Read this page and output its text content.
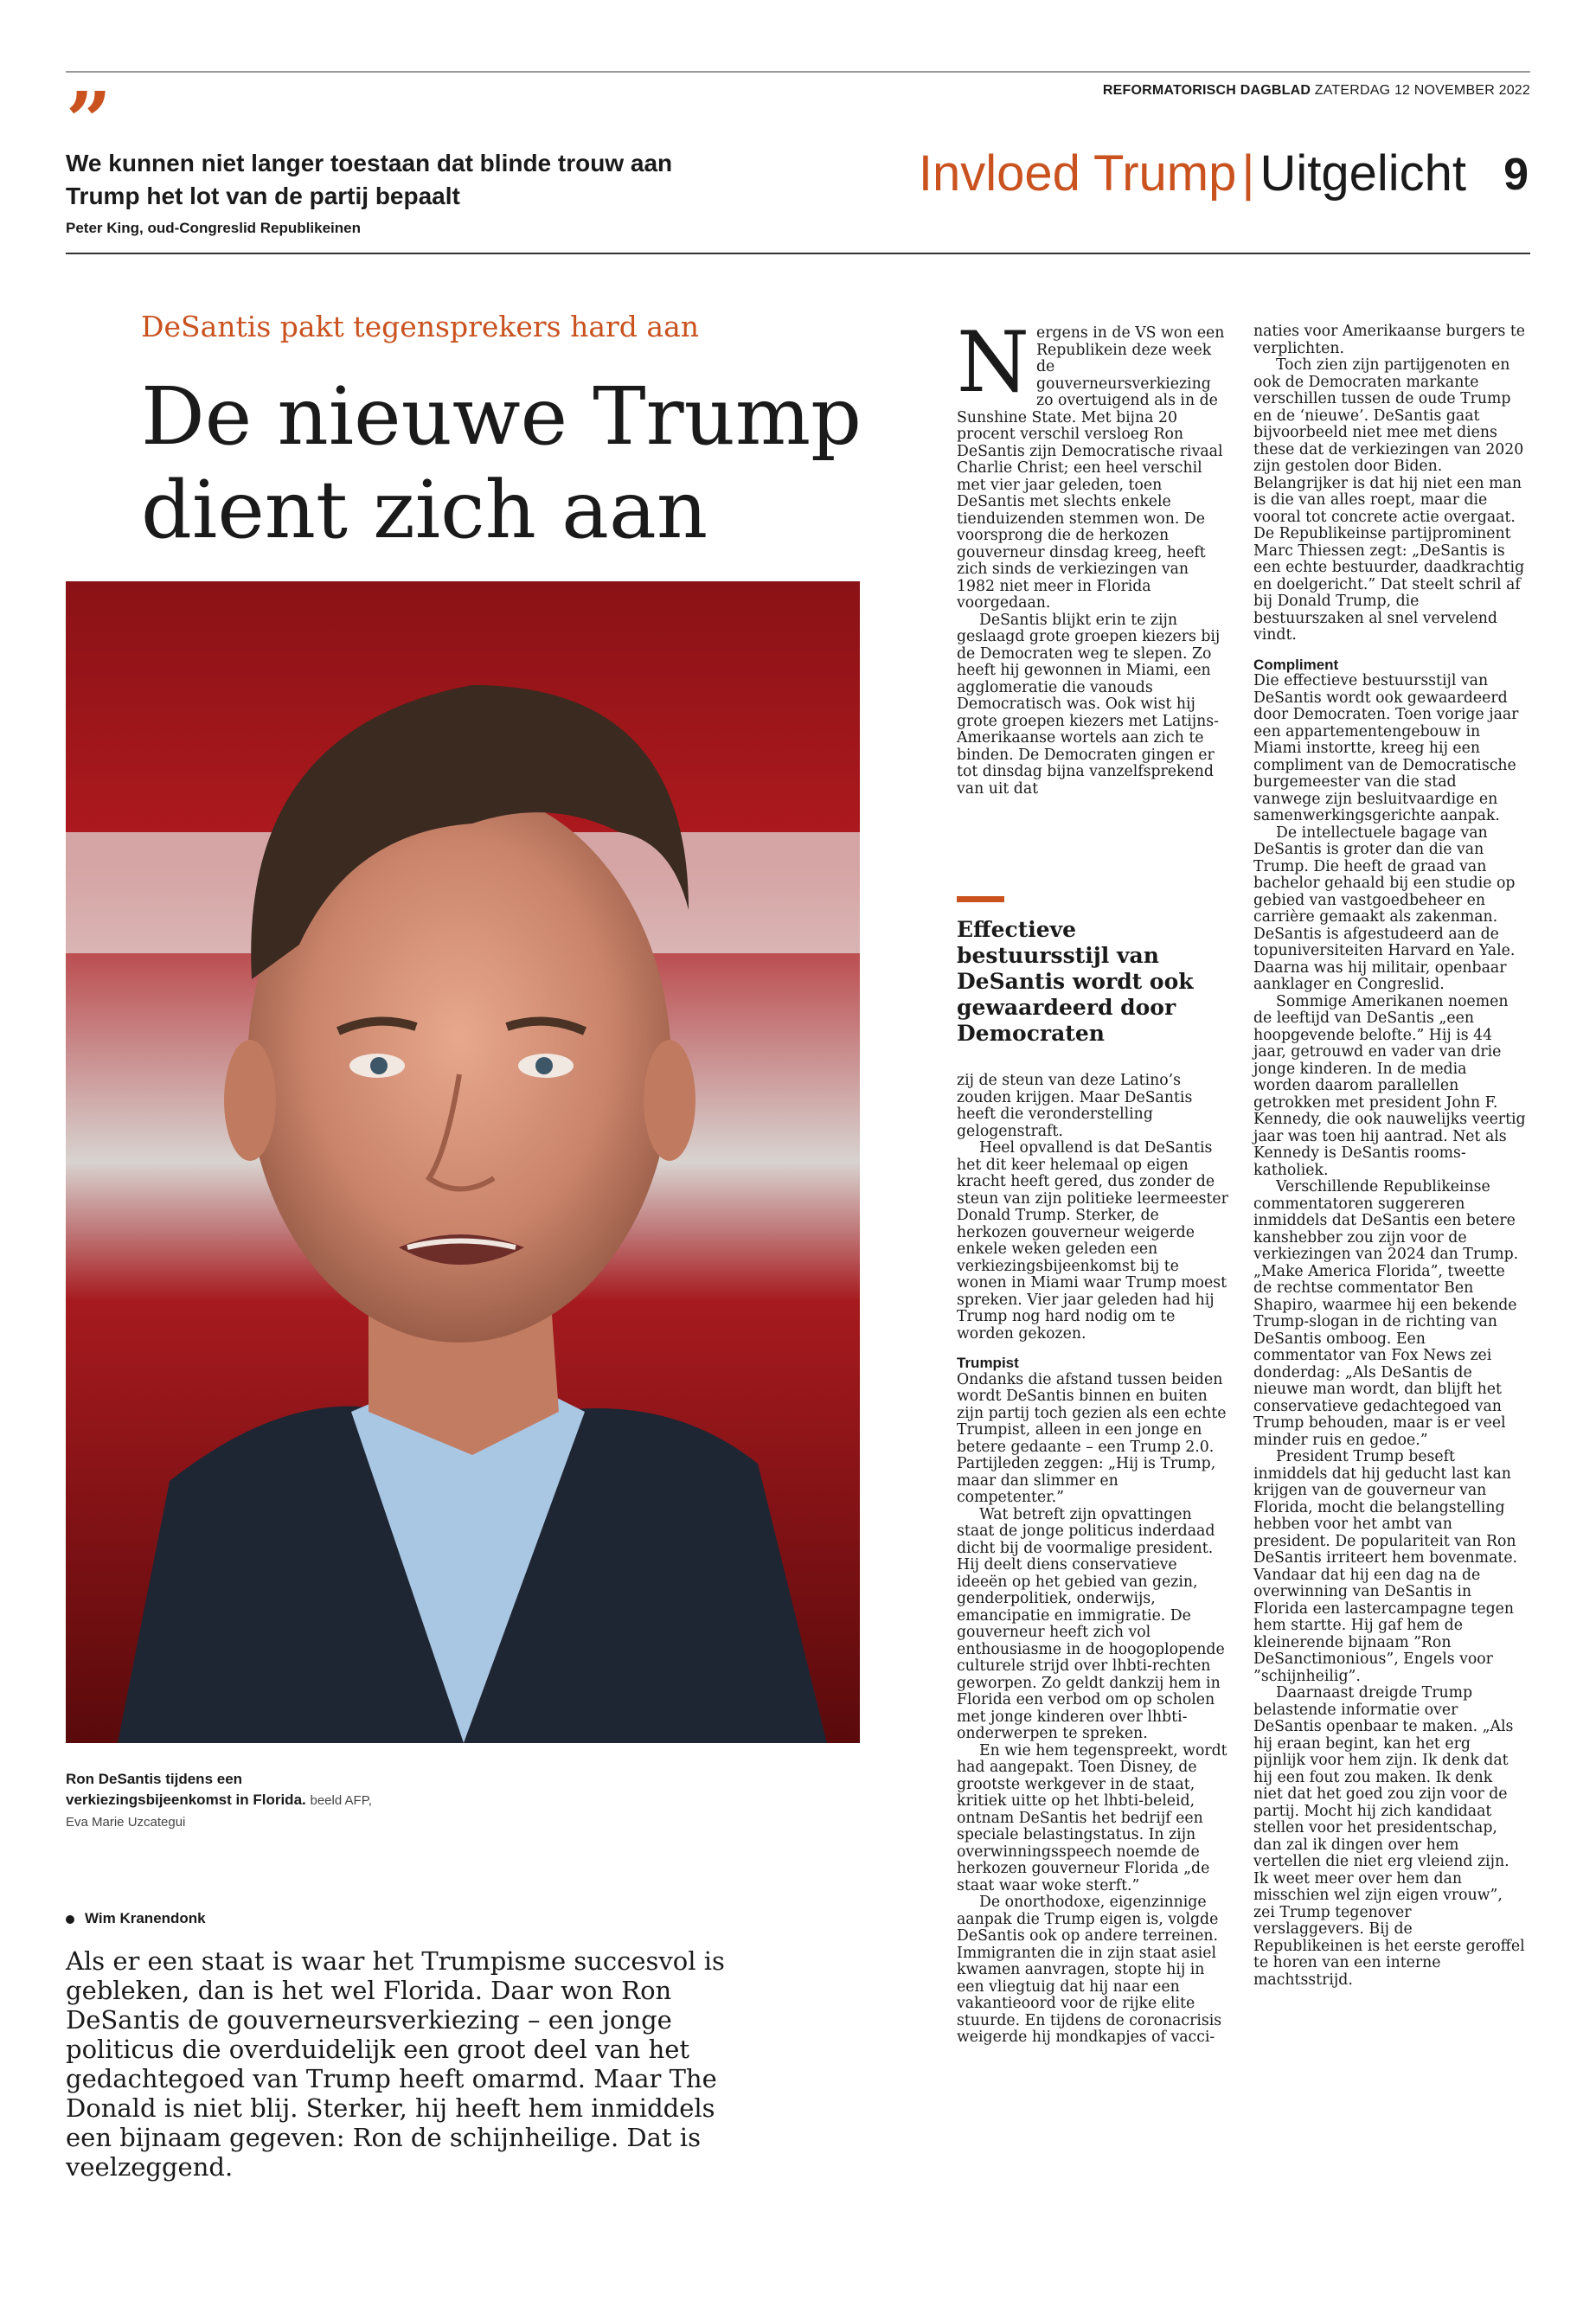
REFORMATORISCH DAGBLAD ZATERDAG 12 NOVEMBER 2022
”
We kunnen niet langer toestaan dat blinde trouw aan Trump het lot van de partij bepaalt
Peter King, oud-Congreslid Republikeinen
Invloed Trump | Uitgelicht 9
DeSantis pakt tegensprekers hard aan
De nieuwe Trump dient zich aan
Ron DeSantis tijdens een verkiezingsbijeenkomst in Florida. beeld AFP, Eva Marie Uzcategui
Wim Kranendonk
Als er een staat is waar het Trumpisme succesvol is gebleken, dan is het wel Florida. Daar won Ron DeSantis de gouverneursverkiezing – een jonge politicus die overduidelijk een groot deel van het gedachtegoed van Trump heeft omarmd. Maar The Donald is niet blij. Sterker, hij heeft hem inmiddels een bijnaam gegeven: Ron de schijnheilige. Dat is veelzeggend.
N ergens in de VS won een Republikein deze week de gouverneursverkiezing zo overtuigend als in de Sunshine State. Met bijna 20 procent verschil versloeg Ron DeSantis zijn Democratische rivaal Charlie Christ; een heel verschil met vier jaar geleden, toen DeSantis met slechts enkele tienduizenden stemmen won. De voorsprong die de herkozen gouverneur dinsdag kreeg, heeft zich sinds de verkiezingen van 1982 niet meer in Florida voorgedaan.

DeSantis blijkt erin te zijn geslaagd grote groepen kiezers bij de Democraten weg te slepen. Zo heeft hij gewonnen in Miami, een agglomeratie die vanouds Democratisch was. Ook wist hij grote groepen kiezers met Latijns-Amerikaanse wortels aan zich te binden. De Democraten gingen er tot dinsdag bijna vanzelfsprekend van uit dat

Effectieve bestuursstijl van DeSantis wordt ook gewaardeerd door Democraten

zij de steun van deze Latino’s zouden krijgen. Maar DeSantis heeft die veronderstelling gelogenstraft.

Heel opvallend is dat DeSantis het dit keer helemaal op eigen kracht heeft gered, dus zonder de steun van zijn politieke leermeester Donald Trump. Sterker, de herkozen gouverneur weigerde enkele weken geleden een verkiezingsbijeenkomst bij te wonen in Miami waar Trump moest spreken. Vier jaar geleden had hij Trump nog hard nodig om te worden gekozen.

Trumpist

Ondanks die afstand tussen beiden wordt DeSantis binnen en buiten zijn partij toch gezien als een echte Trumpist, alleen in een jonge en betere gedaante – een Trump 2.0. Partijleden zeggen: „Hij is Trump, maar dan slimmer en competenter.”

Wat betreft zijn opvattingen staat de jonge politicus inderdaad dicht bij de voormalige president. Hij deelt diens conservatieve ideeën op het gebied van gezin, genderpolitiek, onderwijs, emancipatie en immigratie. De gouverneur heeft zich vol enthousiasme in de hoogoplopende culturele strijd over lhbti-rechten geworpen. Zo geldt dankzij hem in Florida een verbod om op scholen met jonge kinderen over lhbti-onderwerpen te spreken.

En wie hem tegenspreekt, wordt had aangepakt. Toen Disney, de grootste werkgever in de staat, kritiek uitte op het lhbti-beleid, ontnam DeSantis het bedrijf een speciale belastingstatus. In zijn overwinningsspeech noemde de herkozen gouverneur Florida „de staat waar woke sterft.”

De onorthodoxe, eigenzinnige aanpak die Trump eigen is, volgde DeSantis ook op andere terreinen. Immigranten die in zijn staat asiel kwamen aanvragen, stopte hij in een vliegtuig dat hij naar een vakantieoord voor de rijke elite stuurde. En tijdens de coronacrisis weigerde hij mondkapjes of vacci-

naties voor Amerikaanse burgers te verplichten.

Toch zien zijn partijgenoten en ook de Democraten markante verschillen tussen de oude Trump en de ‘nieuwe’. DeSantis gaat bijvoorbeeld niet mee met diens these dat de verkiezingen van 2020 zijn gestolen door Biden. Belangrijker is dat hij niet een man is die van alles roept, maar die vooral tot concrete actie overgaat. De Republikeinse partijprominent Marc Thiessen zegt: „DeSantis is een echte bestuurder, daadkrachtig en doelgericht.” Dat steelt schril af bij Donald Trump, die bestuurszaken al snel vervelend vindt.

Compliment

Die effectieve bestuursstijl van DeSantis wordt ook gewaardeerd door Democraten. Toen vorige jaar een appartementengebouw in Miami instortte, kreeg hij een compliment van de Democratische burgemeester van die stad vanwege zijn besluitvaardige en samenwerkingsgerichte aanpak.

De intellectuele bagage van DeSantis is groter dan die van Trump. Die heeft de graad van bachelor gehaald bij een studie op gebied van vastgoedbeheer en carrière gemaakt als zakenman. DeSantis is afgestudeerd aan de topuniversiteiten Harvard en Yale. Daarna was hij militair, openbaar aanklager en Congreslid.

Sommige Amerikanen noemen de leeftijd van DeSantis „een hoopgevende belofte.” Hij is 44 jaar, getrouwd en vader van drie jonge kinderen. In de media worden daarom parallellen getrokken met president John F. Kennedy, die ook nauwelijks veertig jaar was toen hij aantrad. Net als Kennedy is DeSantis rooms-katholiek.

Verschillende Republikeinse commentatoren suggereren inmiddels dat DeSantis een betere kanshebber zou zijn voor de verkiezingen van 2024 dan Trump. „Make America Florida”, tweette de rechtse commentator Ben Shapiro, waarmee hij een bekende Trump-slogan in de richting van DeSantis omboog. Een commentator van Fox News zei donderdag: „Als DeSantis de nieuwe man wordt, dan blijft het conservatieve gedachtegoed van Trump behouden, maar is er veel minder ruis en gedoe.”

President Trump beseft inmiddels dat hij geducht last kan krijgen van de gouverneur van Florida, mocht die belangstelling hebben voor het ambt van president. De populariteit van Ron DeSantis irriteert hem bovenmate. Vandaar dat hij een dag na de overwinning van DeSantis in Florida een lastercampagne tegen hem startte. Hij gaf hem de kleinerende bijnaam ”Ron DeSanctimonious”, Engels voor ”schijnheilig”.

Daarnaast dreigde Trump belastende informatie over DeSantis openbaar te maken. „Als hij eraan begint, kan het erg pijnlijk voor hem zijn. Ik denk dat hij een fout zou maken. Ik denk niet dat het goed zou zijn voor de partij. Mocht hij zich kandidaat stellen voor het presidentschap, dan zal ik dingen over hem vertellen die niet erg vleiend zijn. Ik weet meer over hem dan misschien wel zijn eigen vrouw”, zei Trump tegenover verslaggevers. Bij de Republikeinen is het eerste geroffel te horen van een interne machtsstrijd.
